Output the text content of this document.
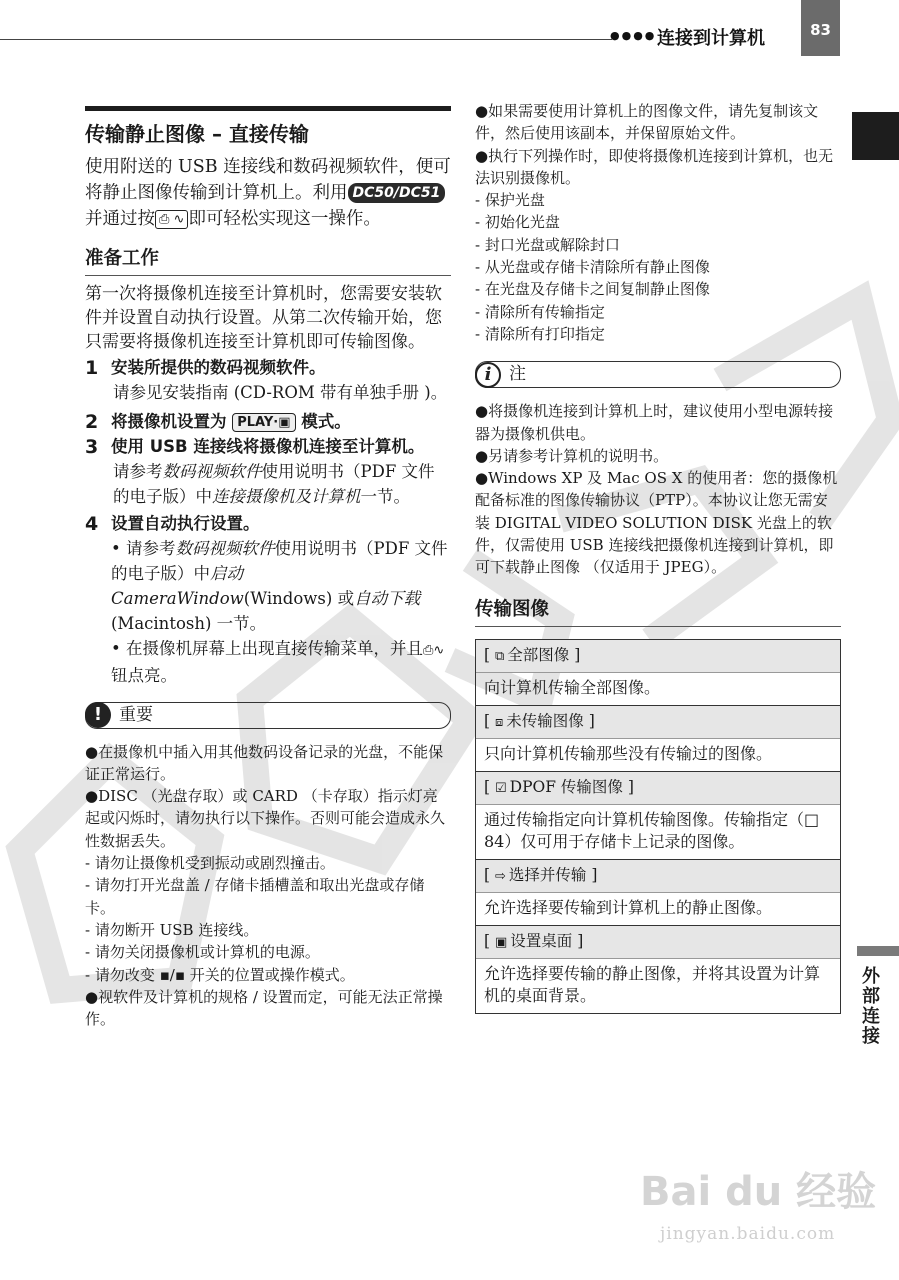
●●●● 连接到计算机	83
外部连接
传输静止图像 – 直接传输

使用附送的 USB 连接线和数码视频软件，便可将静止图像传输到计算机上。利用 DC50/DC51并通过按 ⎙ ∿ 即可轻松实现这一操作。

准备工作

第一次将摄像机连接至计算机时，您需要安装软件并设置自动执行设置。从第二次传输开始，您只需要将摄像机连接至计算机即可传输图像。

1 安装所提供的数码视频软件。

请参见安装指南 (CD-ROM 带有单独手册 )。

2 将摄像机设置为 PLAY·▣ 模式。
3 使用 USB 连接线将摄像机连接至计算机。

请参考数码视频软件使用说明书（PDF 文件的电子版）中连接摄像机及计算机一节。

4 设置自动执行设置。

• 请参考数码视频软件使用说明书（PDF 文件的电子版）中启动 CameraWindow(Windows) 或自动下载(Macintosh) 一节。

• 在摄像机屏幕上出现直接传输菜单，并且⎙∿钮点亮。

! 重要

●在摄像机中插入用其他数码设备记录的光盘，不能保证正常运行。

●DISC （光盘存取）或 CARD （卡存取）指示灯亮起或闪烁时，请勿执行以下操作。否则可能会造成永久性数据丢失。

- 请勿让摄像机受到振动或剧烈撞击。

- 请勿打开光盘盖 / 存储卡插槽盖和取出光盘或存储卡。

- 请勿断开 USB 连接线。

- 请勿关闭摄像机或计算机的电源。

- 请勿改变 ▪/▪ 开关的位置或操作模式。

●视软件及计算机的规格 / 设置而定，可能无法正常操作。

●如果需要使用计算机上的图像文件，请先复制该文件，然后使用该副本，并保留原始文件。

●执行下列操作时，即使将摄像机连接到计算机，也无法识别摄像机。

- 保护光盘

- 初始化光盘

- 封口光盘或解除封口

- 从光盘或存储卡清除所有静止图像

- 在光盘及存储卡之间复制静止图像

- 清除所有传输指定

- 清除所有打印指定

i	注

●将摄像机连接到计算机上时，建议使用小型电源转接器为摄像机供电。

●另请参考计算机的说明书。

●Windows XP 及 Mac OS X 的使用者：您的摄像机配备标准的图像传输协议（PTP）。本协议让您无需安装 DIGITAL VIDEO SOLUTION DISK 光盘上的软件，仅需使用 USB 连接线把摄像机连接到计算机，即可下载静止图像 （仅适用于 JPEG）。

传输图像
[ ⧉ 全部图像 ]
向计算机传输全部图像。
[ ⧈ 未传输图像 ]
只向计算机传输那些没有传输过的图像。
[ ☑ DPOF 传输图像 ]
通过传输指定向计算机传输图像。传输指定（□ 84）仅可用于存储卡上记录的图像。
[ ⇨ 选择并传输 ]
允许选择要传输到计算机上的静止图像。
[ ▣ 设置桌面 ]
允许选择要传输的静止图像，并将其设置为计算机的桌面背景。
Bai du 经验
jingyan.baidu.com
